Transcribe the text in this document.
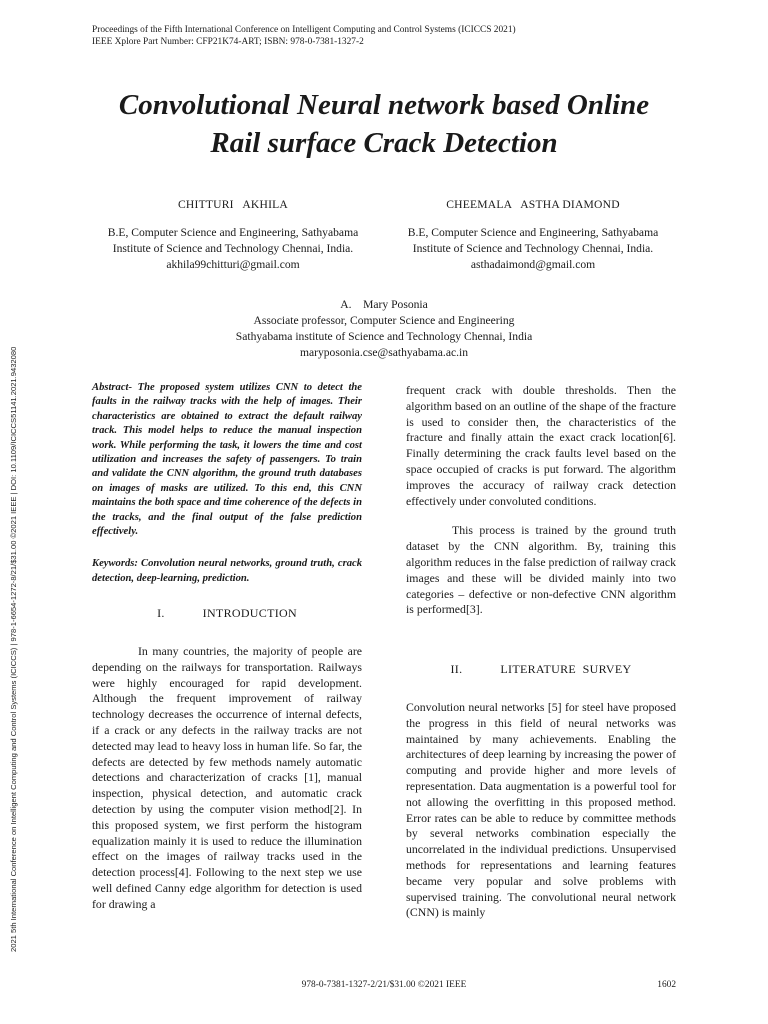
Proceedings of the Fifth International Conference on Intelligent Computing and Control Systems (ICICCS 2021)
IEEE Xplore Part Number: CFP21K74-ART; ISBN: 978-0-7381-1327-2
Convolutional Neural network based Online
Rail surface Crack Detection
CHITTURI   AKHILA
B.E, Computer Science and Engineering, Sathyabama
Institute of Science and Technology Chennai, India.
akhila99chitturi@gmail.com
CHEEMALA   ASTHA DIAMOND
B.E, Computer Science and Engineering, Sathyabama
Institute of Science and Technology Chennai, India.
asthadaimond@gmail.com
A.    Mary Posonia
Associate professor, Computer Science and Engineering
Sathyabama institute of Science and Technology Chennai, India
maryposonia.cse@sathyabama.ac.in

Abstract- The proposed system utilizes CNN to detect the faults in the railway tracks with the help of images. Their characteristics are obtained to extract the default railway track. This model helps to reduce the manual inspection work. While performing the task, it lowers the time and cost utilization and increases the safety of passengers. To train and validate the CNN algorithm, the ground truth databases on images of masks are utilized. To this end, this CNN maintains the both space and time coherence of the defects in the tracks, and the final output of the false prediction effectively.

Keywords: Convolution neural networks, ground truth, crack detection, deep-learning, prediction.

I.	INTRODUCTION

In many countries, the majority of people are depending on the railways for transportation. Railways were highly encouraged for rapid development. Although the frequent improvement of railway technology decreases the occurrence of internal defects, if a crack or any defects in the railway tracks are not detected may lead to heavy loss in human life. So far, the defects are detected by few methods namely automatic detections and characterization of cracks [1], manual inspection, physical detection, and automatic crack detection by using the computer vision method[2]. In this proposed system, we first perform the histogram equalization mainly it is used to reduce the illumination effect on the images of railway tracks used in the detection process[4]. Following to the next step we use well defined Canny edge algorithm for detection is used for drawing a

frequent crack with double thresholds. Then the algorithm based on an outline of the shape of the fracture is used to consider then, the characteristics of the fracture and finally attain the exact crack location[6]. Finally determining the crack faults level based on the space occupied of cracks is put forward. The algorithm improves the accuracy of railway crack detection effectively under convoluted conditions.

This process is trained by the ground truth dataset by the CNN algorithm. By, training this algorithm reduces in the false prediction of railway crack images and these will be divided mainly into two categories – defective or non-defective CNN algorithm is performed[3].

II.	LITERATURE  SURVEY

Convolution neural networks [5] for steel have proposed the progress in this field of neural networks was maintained by many achievements. Enabling the architectures of deep learning by increasing the power of computing and provide higher and more levels of representation. Data augmentation is a powerful tool for not allowing the overfitting in this proposed method. Error rates can be able to reduce by committee methods by several networks combination especially the uncorrelated in the individual predictions. Unsupervised methods for representations and learning features became very popular and solve problems with supervised training. The convolutional neural network (CNN) is mainly

2021 5th International Conference on Intelligent Computing and Control Systems (ICICCS) | 978-1-6654-1272-8/21/$31.00 ©2021 IEEE | DOI: 10.1109/ICICCS51141.2021.9432080
978-0-7381-1327-2/21/$31.00 ©2021 IEEE	1602
